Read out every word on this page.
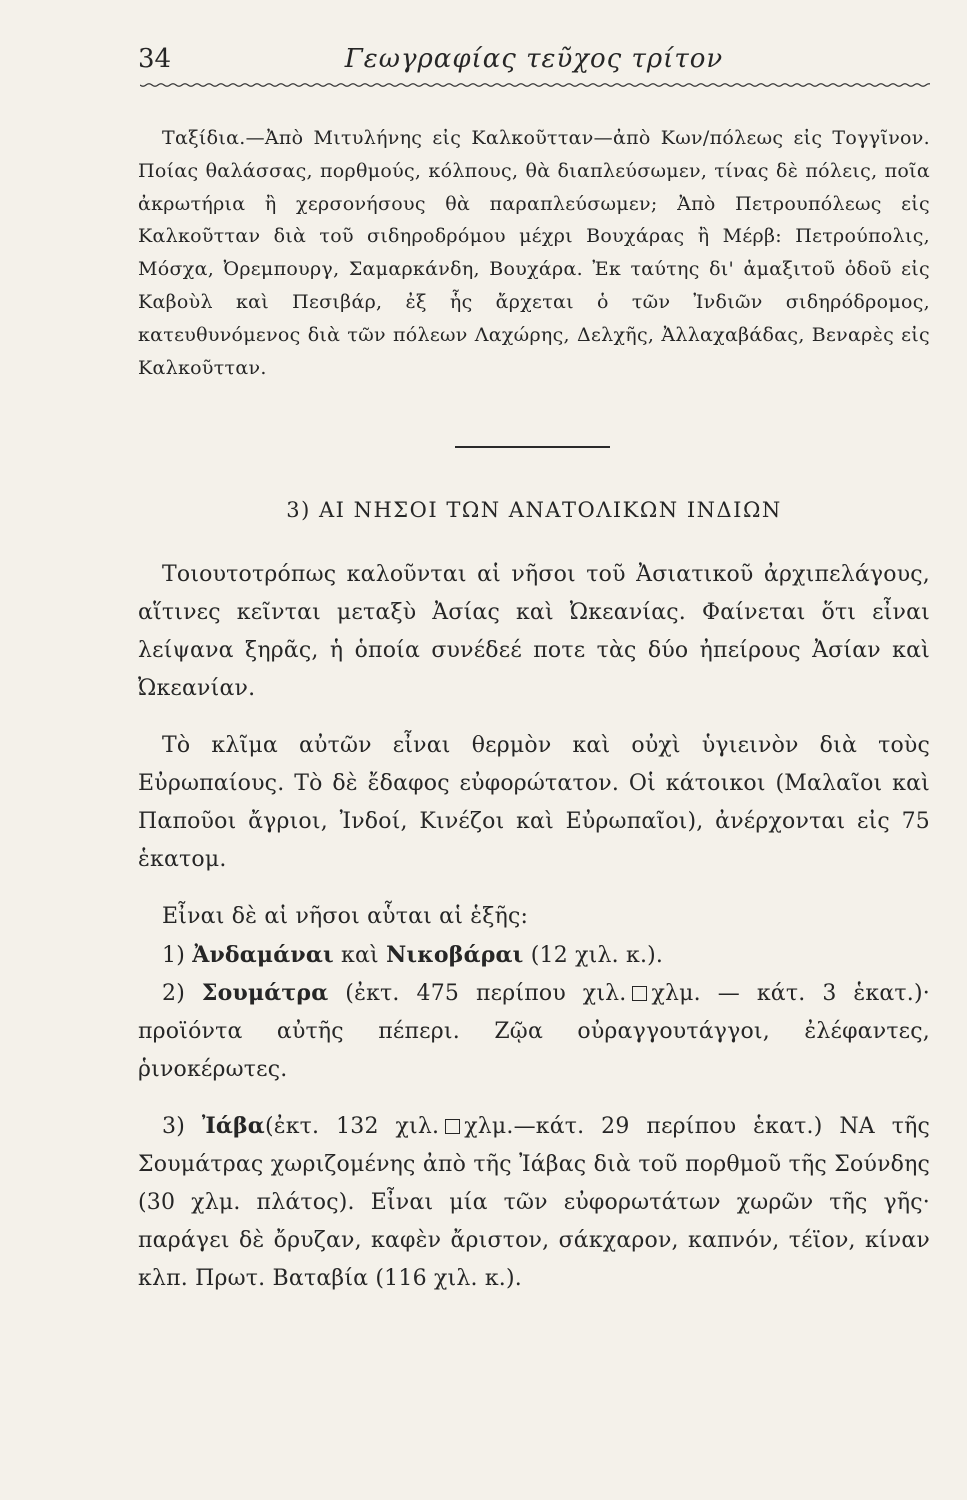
34	Γεωγραφίας τεῦχος τρίτον

Ταξίδια.—Ἀπὸ Μιτυλήνης εἰς Καλκοῦτταν—ἀπὸ Κων/πόλεως εἰς Τογγῖνον. Ποίας θαλάσσας, πορθμούς, κόλπους, θὰ διαπλεύσωμεν, τίνας δὲ πόλεις, ποῖα ἀκρωτήρια ἢ χερσονήσους θὰ παραπλεύσωμεν; Ἀπὸ Πετρουπόλεως εἰς Καλκοῦτταν διὰ τοῦ σιδηροδρόμου μέχρι Βουχάρας ἢ Μέρβ: Πετρούπολις, Μόσχα, Ὀρεμπουργ, Σαμαρκάνδη, Βουχάρα. Ἐκ ταύτης δι' ἁμαξιτοῦ ὁδοῦ εἰς Καβοὺλ καὶ Πεσιβάρ, ἐξ ἧς ἄρχεται ὁ τῶν Ἰνδιῶν σιδηρόδρομος, κατευθυνόμενος διὰ τῶν πόλεων Λαχώρης, Δελχῆς, Ἀλλαχαβάδας, Βεναρὲς εἰς Καλκοῦτταν.

3) ΑΙ ΝΗΣΟΙ ΤΩΝ ΑΝΑΤΟΛΙΚΩΝ ΙΝΔΙΩΝ

Τοιουτοτρόπως καλοῦνται αἱ νῆσοι τοῦ Ἀσιατικοῦ ἀρχιπελάγους, αἵτινες κεῖνται μεταξὺ Ἀσίας καὶ Ὠκεανίας. Φαίνεται ὅτι εἶναι λείψανα ξηρᾶς, ἡ ὁποία συνέδεέ ποτε τὰς δύο ἠπείρους Ἀσίαν καὶ Ὠκεανίαν.

Τὸ κλῖμα αὐτῶν εἶναι θερμὸν καὶ οὐχὶ ὑγιεινὸν διὰ τοὺς Εὐρωπαίους. Τὸ δὲ ἔδαφος εὐφορώτατον. Οἱ κάτοικοι (Μαλαῖοι καὶ Παποῦοι ἄγριοι, Ἰνδοί, Κινέζοι καὶ Εὐρωπαῖοι), ἀνέρχονται εἰς 75 ἑκατομ.

Εἶναι δὲ αἱ νῆσοι αὗται αἱ ἑξῆς:

1) Ἀνδαμάναι καὶ Νικοβάραι (12 χιλ. κ.).

2) Σουμάτρα (ἐκτ. 475 περίπου χιλ. χλμ. — κάτ. 3 ἑκατ.)· προϊόντα αὐτῆς πέπερι. Ζῷα οὐραγγουτάγγοι, ἐλέφαντες, ῥινοκέρωτες.

3) Ἰάβα(ἐκτ. 132 χιλ. χλμ.—κάτ. 29 περίπου ἑκατ.) ΝΑ τῆς Σουμάτρας χωριζομένης ἀπὸ τῆς Ἰάβας διὰ τοῦ πορθμοῦ τῆς Σούνδης (30 χλμ. πλάτος). Εἶναι μία τῶν εὐφορωτάτων χωρῶν τῆς γῆς· παράγει δὲ ὄρυζαν, καφὲν ἄριστον, σάκχαρον, καπνόν, τέϊον, κίναν κλπ. Πρωτ. Βαταβία (116 χιλ. κ.).
